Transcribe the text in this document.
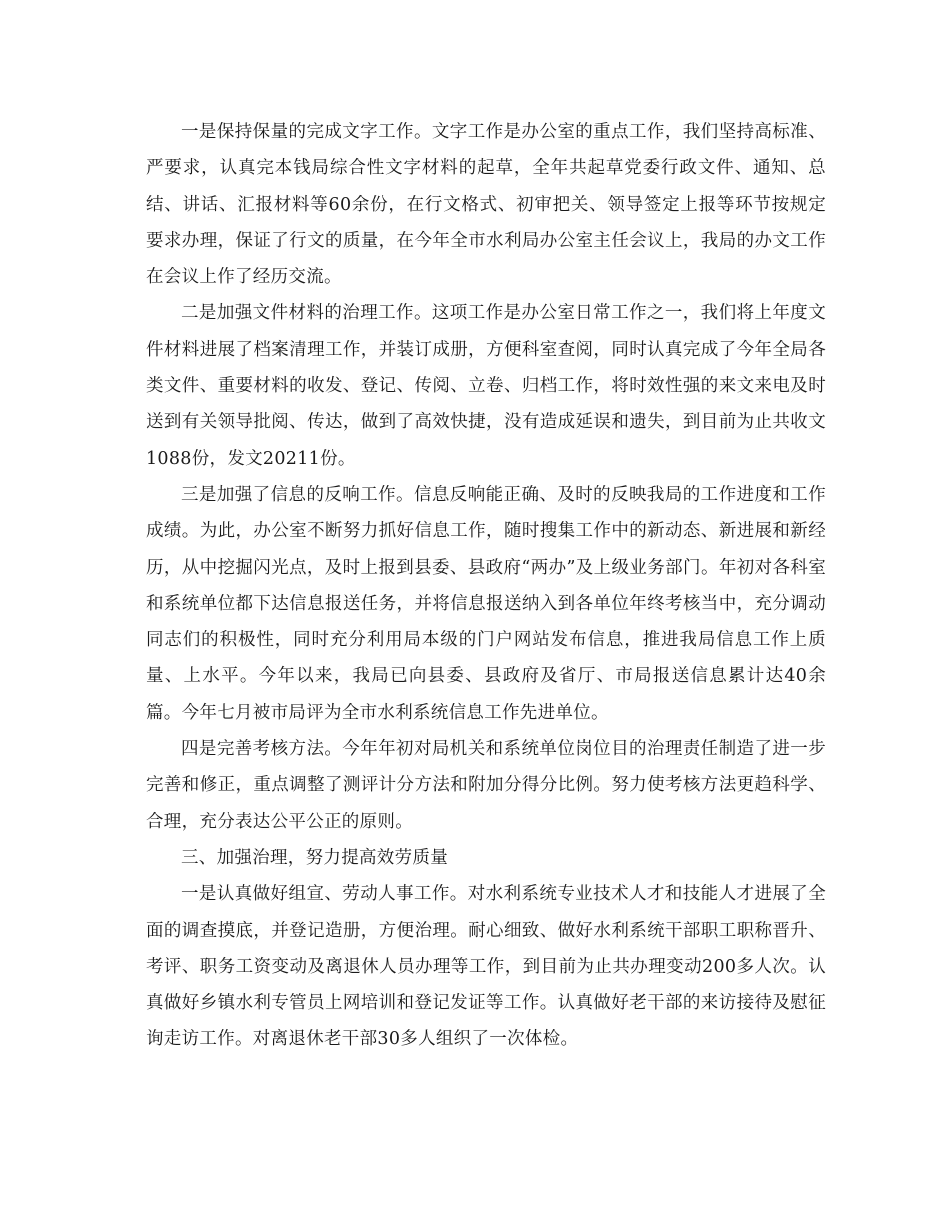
一是保持保量的完成文字工作。文字工作是办公室的重点工作，我们坚持高标准、严要求，认真完本钱局综合性文字材料的起草，全年共起草党委行政文件、通知、总结、讲话、汇报材料等60余份，在行文格式、初审把关、领导签定上报等环节按规定要求办理，保证了行文的质量，在今年全市水利局办公室主任会议上，我局的办文工作在会议上作了经历交流。

二是加强文件材料的治理工作。这项工作是办公室日常工作之一，我们将上年度文件材料进展了档案清理工作，并装订成册，方便科室查阅，同时认真完成了今年全局各类文件、重要材料的收发、登记、传阅、立卷、归档工作，将时效性强的来文来电及时送到有关领导批阅、传达，做到了高效快捷，没有造成延误和遗失，到目前为止共收文1088份，发文20211份。

三是加强了信息的反响工作。信息反响能正确、及时的反映我局的工作进度和工作成绩。为此，办公室不断努力抓好信息工作，随时搜集工作中的新动态、新进展和新经历，从中挖掘闪光点，及时上报到县委、县政府“两办”及上级业务部门。年初对各科室和系统单位都下达信息报送任务，并将信息报送纳入到各单位年终考核当中，充分调动同志们的积极性，同时充分利用局本级的门户网站发布信息，推进我局信息工作上质量、上水平。今年以来，我局已向县委、县政府及省厅、市局报送信息累计达40余篇。今年七月被市局评为全市水利系统信息工作先进单位。

四是完善考核方法。今年年初对局机关和系统单位岗位目的治理责任制造了进一步完善和修正，重点调整了测评计分方法和附加分得分比例。努力使考核方法更趋科学、合理，充分表达公平公正的原则。

三、加强治理，努力提高效劳质量

一是认真做好组宣、劳动人事工作。对水利系统专业技术人才和技能人才进展了全面的调查摸底，并登记造册，方便治理。耐心细致、做好水利系统干部职工职称晋升、考评、职务工资变动及离退休人员办理等工作，到目前为止共办理变动200多人次。认真做好乡镇水利专管员上网培训和登记发证等工作。认真做好老干部的来访接待及慰征询走访工作。对离退休老干部30多人组织了一次体检。
